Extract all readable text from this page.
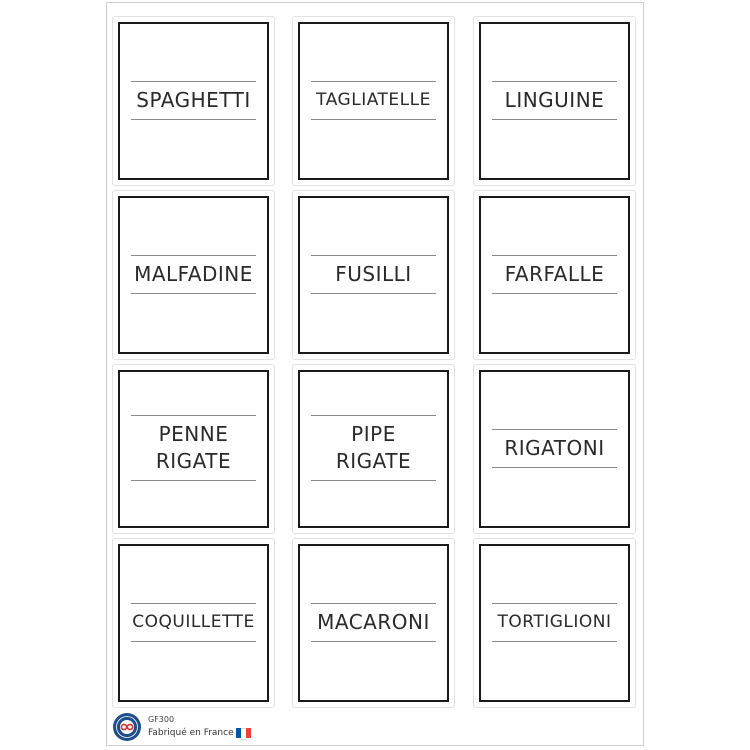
SPAGHETTI	TAGLIATELLE	LINGUINE
MALFADINE	FUSILLI	FARFALLE
PENNE
RIGATE
PIPE
RIGATE
RIGATONI
COQUILLETTE	MACARONI	TORTIGLIONI
GF300
Fabriqué en France
